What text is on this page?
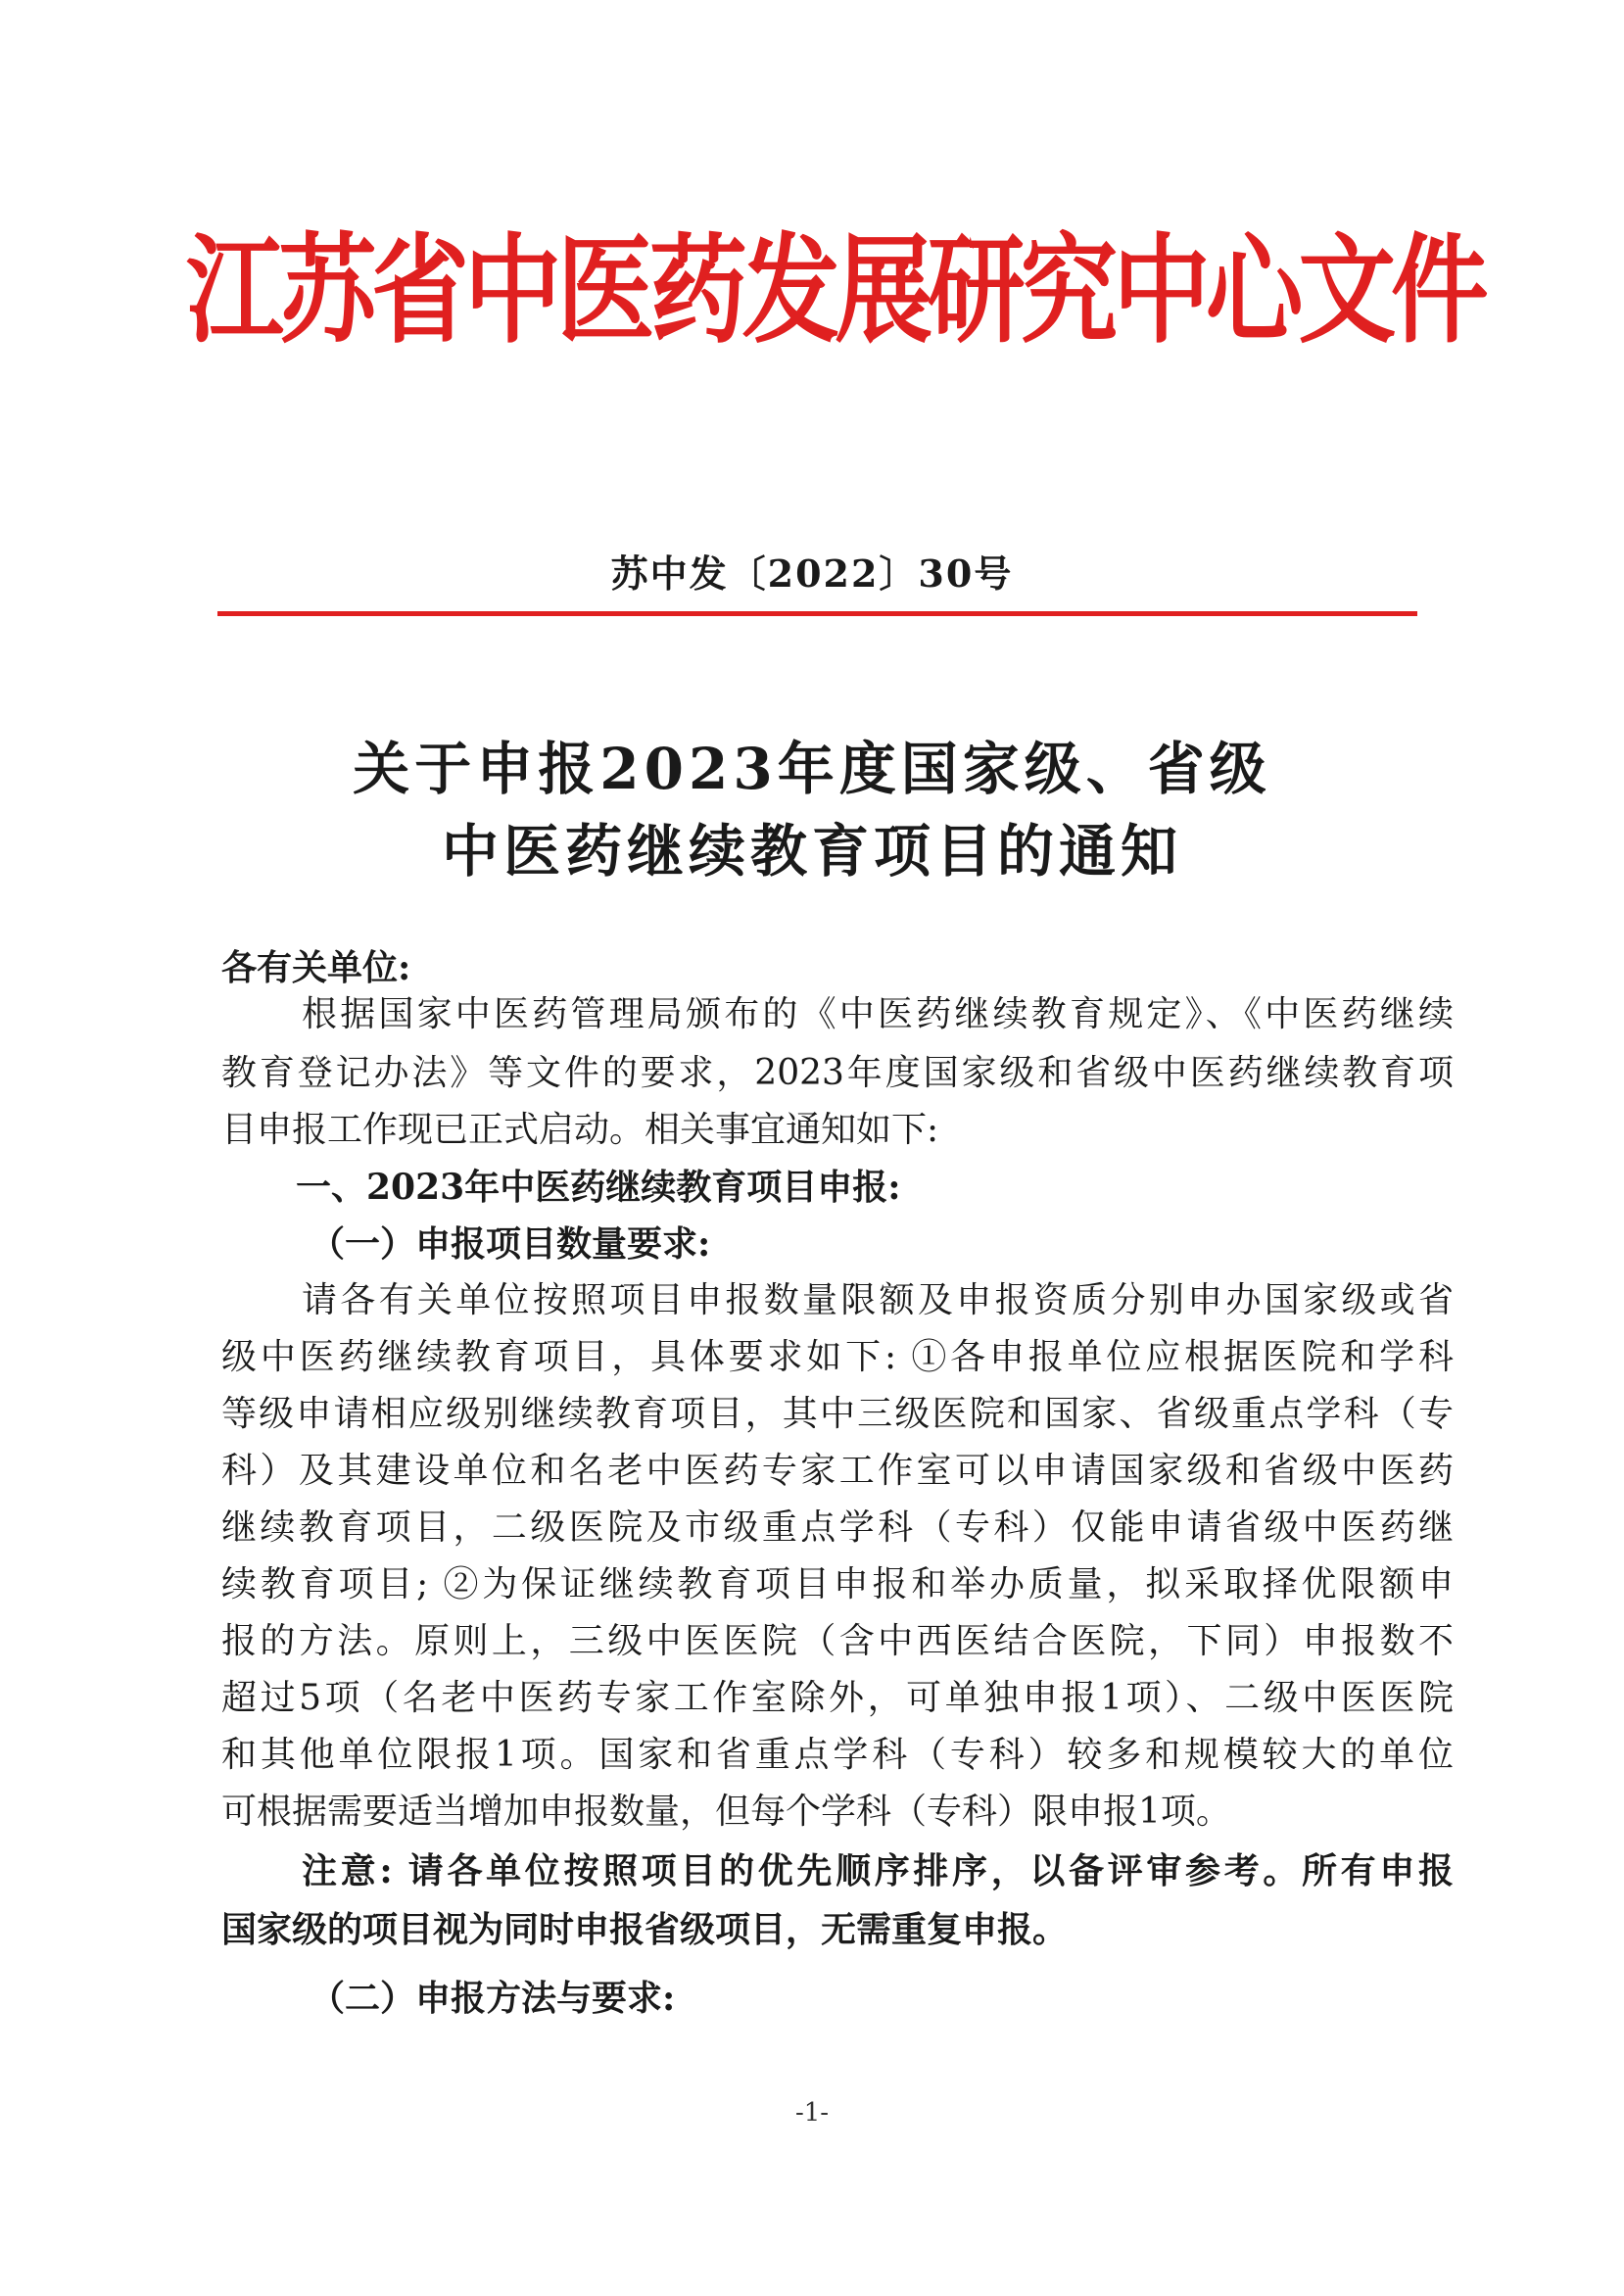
江苏省中医药发展研究中心文件
苏中发〔2022〕30号
关于申报2023年度国家级、省级
中医药继续教育项目的通知
各有关单位:
根据国家中医药管理局颁布的《中医药继续教育规定》、《中医药继续
教育登记办法》等文件的要求，2023年度国家级和省级中医药继续教育项
目申报工作现已正式启动。相关事宜通知如下:
一、2023年中医药继续教育项目申报:
（一）申报项目数量要求:
请各有关单位按照项目申报数量限额及申报资质分别申办国家级或省
级中医药继续教育项目，具体要求如下: ①各申报单位应根据医院和学科
等级申请相应级别继续教育项目，其中三级医院和国家、省级重点学科（专
科）及其建设单位和名老中医药专家工作室可以申请国家级和省级中医药
继续教育项目，二级医院及市级重点学科（专科）仅能申请省级中医药继
续教育项目; ②为保证继续教育项目申报和举办质量，拟采取择优限额申
报的方法。原则上，三级中医医院（含中西医结合医院，下同）申报数不
超过5项（名老中医药专家工作室除外，可单独申报1项）、二级中医医院
和其他单位限报1项。国家和省重点学科（专科）较多和规模较大的单位
可根据需要适当增加申报数量，但每个学科（专科）限申报1项。
注意: 请各单位按照项目的优先顺序排序，以备评审参考。所有申报
国家级的项目视为同时申报省级项目，无需重复申报。
（二）申报方法与要求:
-1-
